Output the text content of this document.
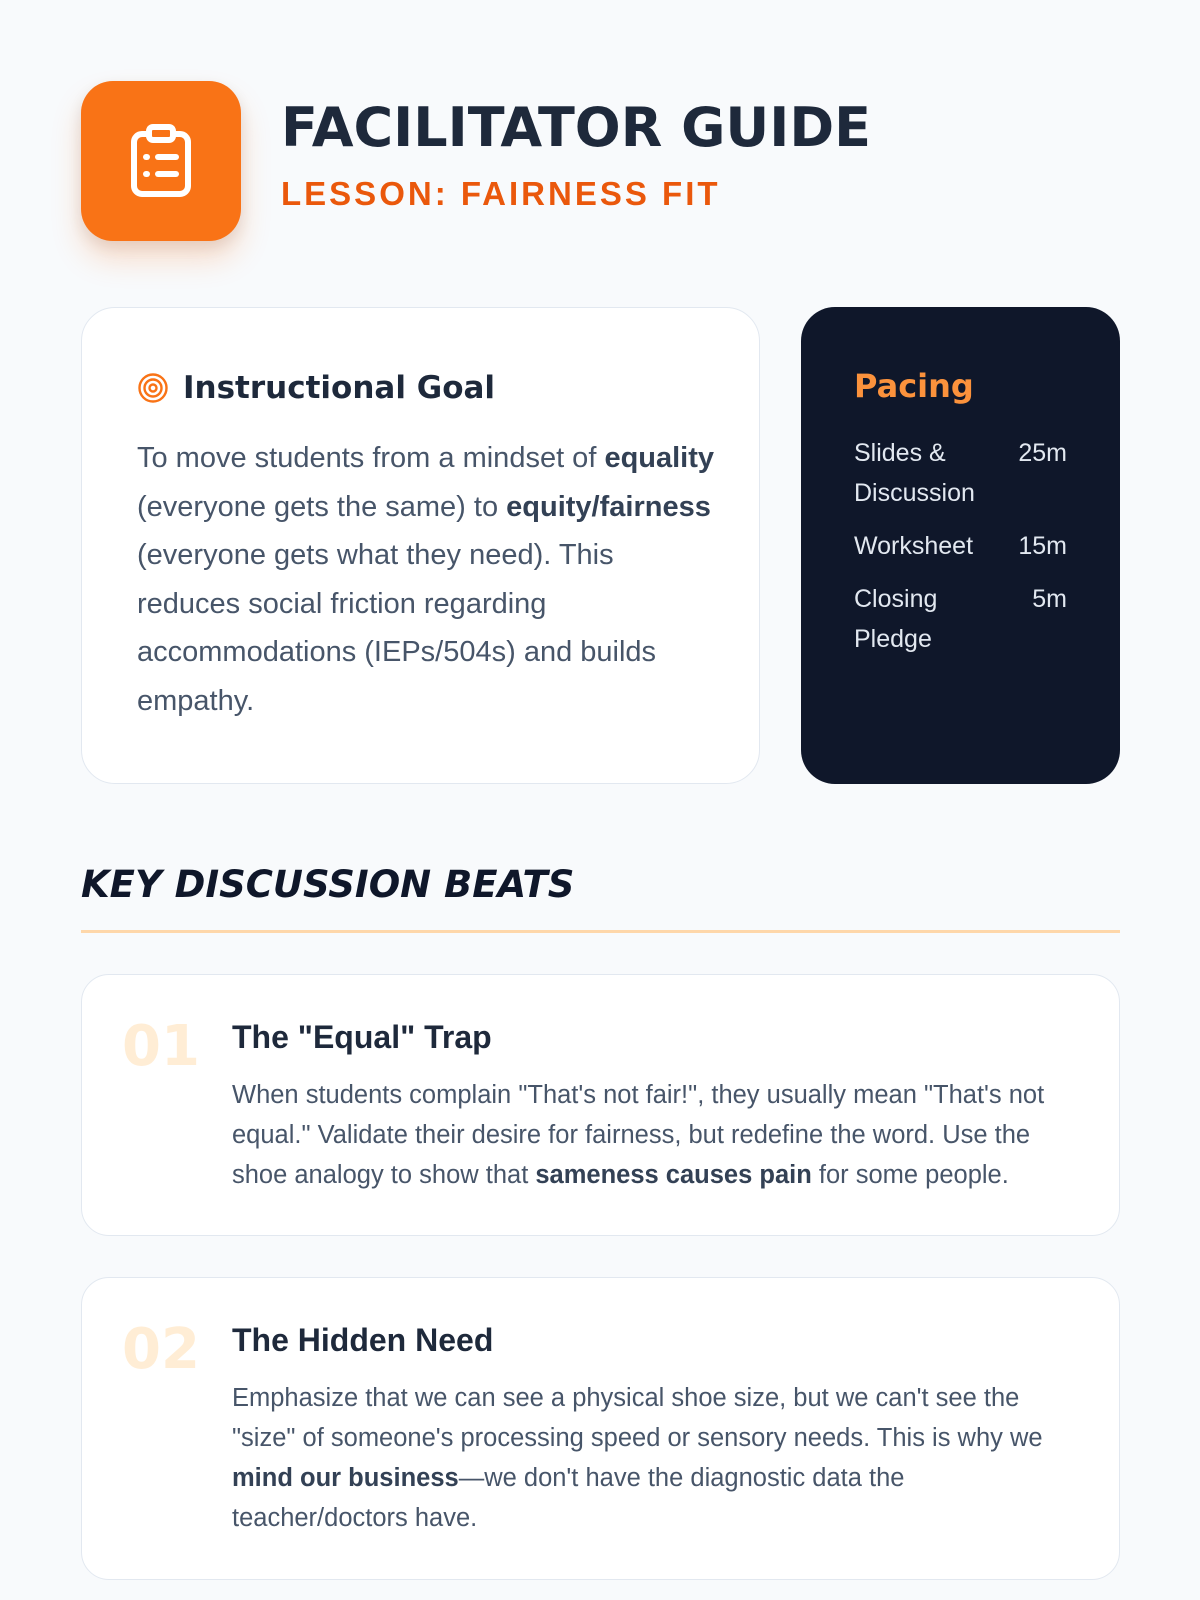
FACILITATOR GUIDE
LESSON: FAIRNESS FIT
Instructional Goal

To move students from a mindset of equality (everyone gets the same) to equity/fairness (everyone gets what they need). This reduces social friction regarding accommodations (IEPs/504s) and builds empathy.

Pacing
Slides & Discussion
25m
Worksheet	15m
Closing Pledge
5m
KEY DISCUSSION BEATS
01 The "Equal" Trap

When students complain "That's not fair!", they usually mean "That's not equal." Validate their desire for fairness, but redefine the word. Use the shoe analogy to show that sameness causes pain for some people.

02 The Hidden Need

Emphasize that we can see a physical shoe size, but we can't see the "size" of someone's processing speed or sensory needs. This is why we mind our business—we don't have the diagnostic data the teacher/doctors have.
